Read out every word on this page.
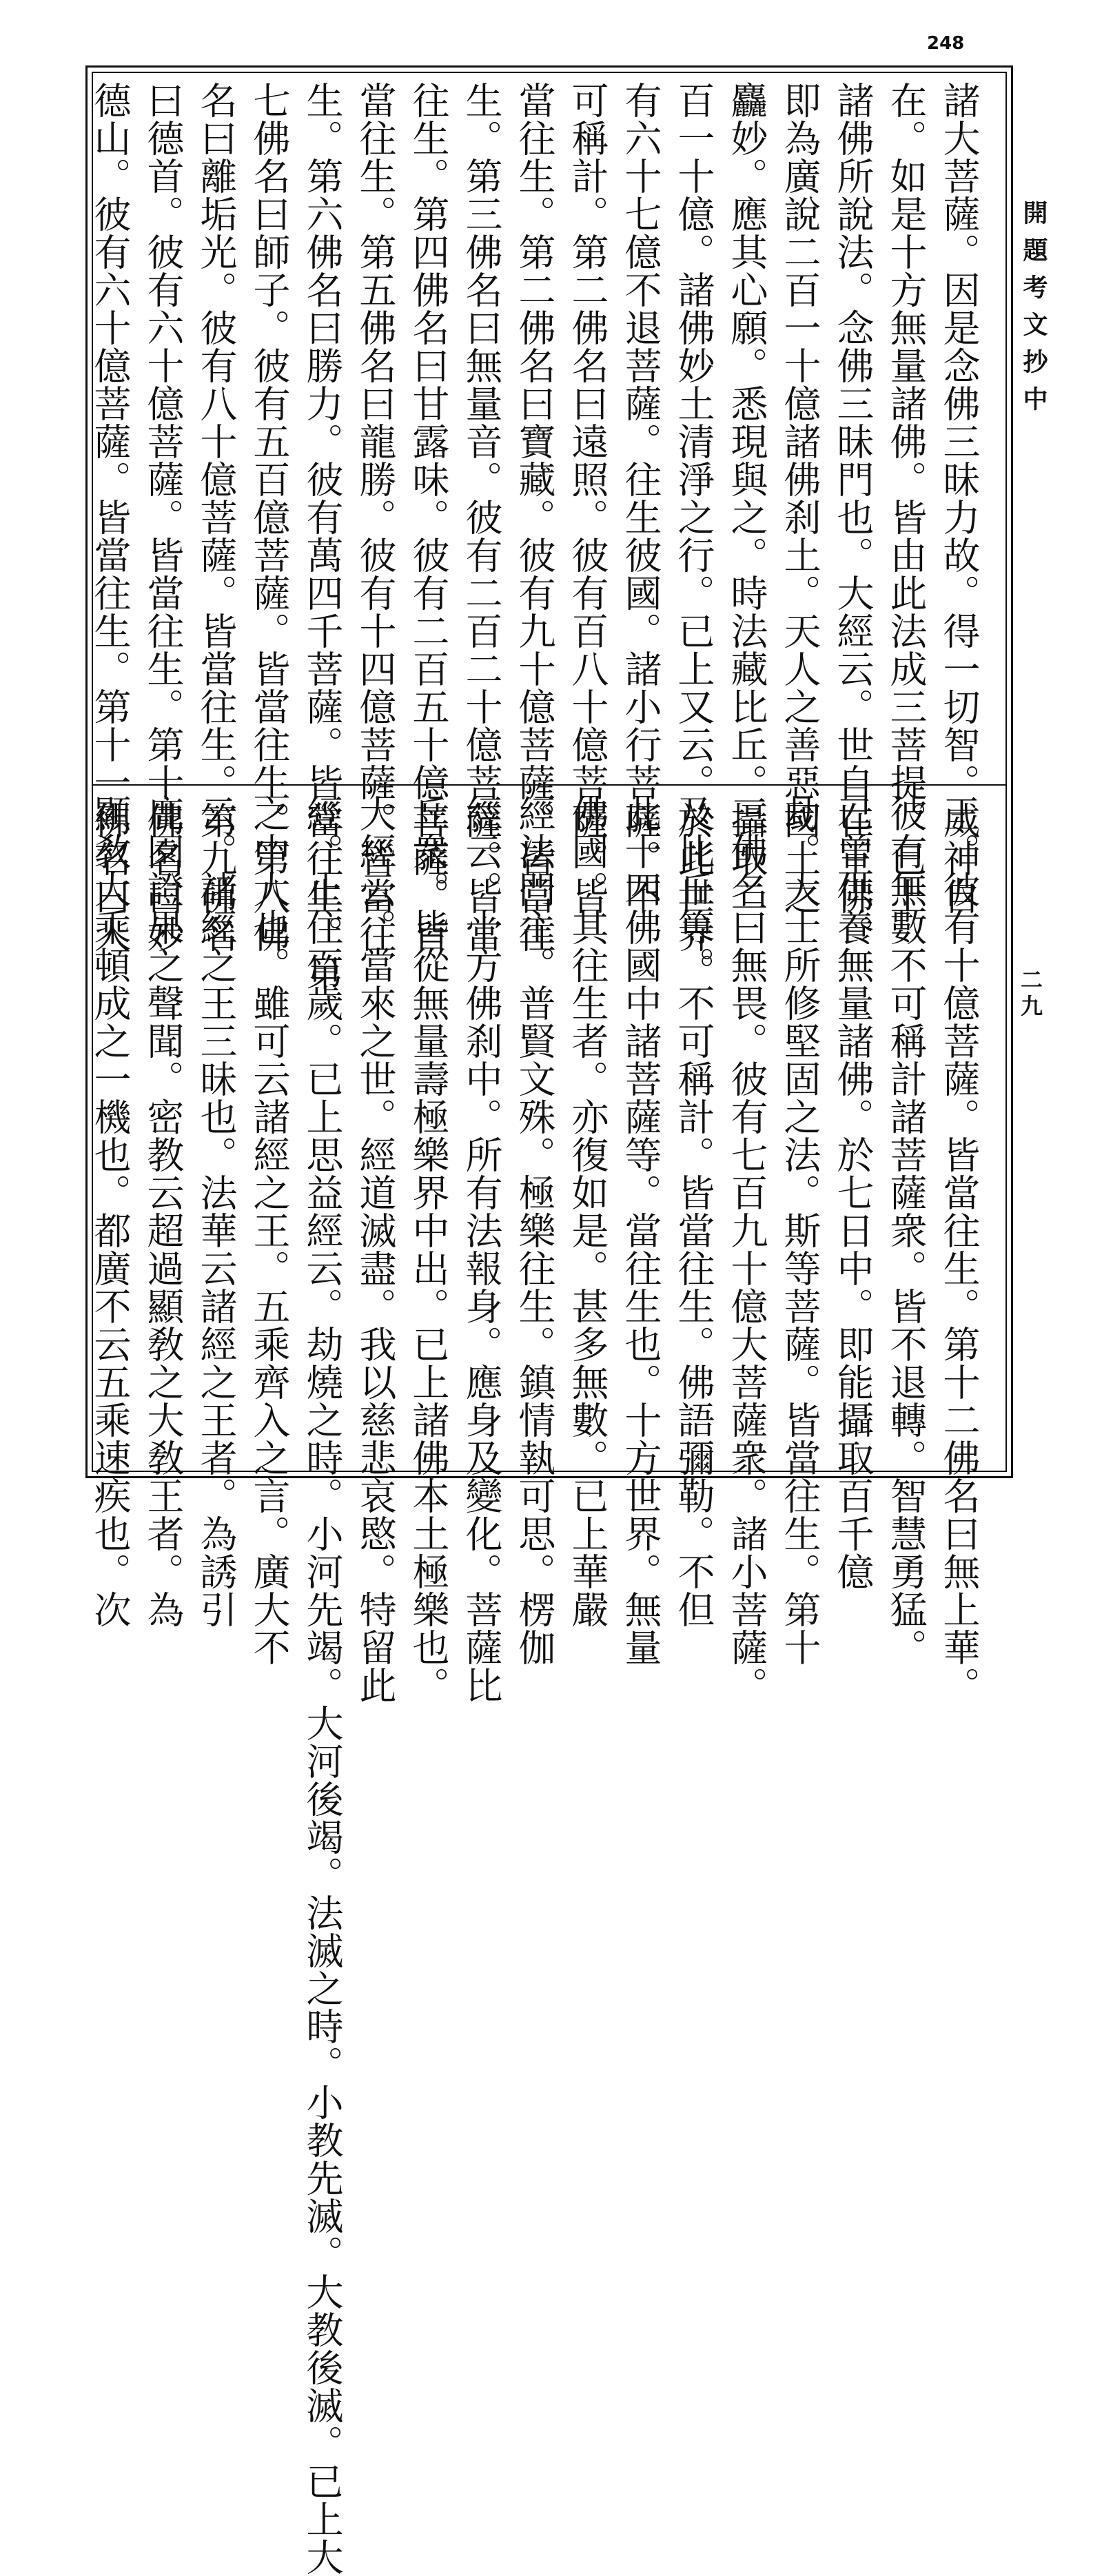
248
諸大菩薩。因是念佛三昧力故。得一切智。威神自
在。如是十方無量諸佛。皆由此法成三菩提。已上
諸佛所說法。念佛三昧門也。大經云。世自在王佛。
即為廣說二百一十億諸佛刹土。天人之善惡國土之
麤妙。應其心願。悉現與之。時法藏比丘。攝取二
百一十億。諸佛妙土清淨之行。已上又云。於此世界。
有六十七億不退菩薩。往生彼國。諸小行菩薩。不
可稱計。第二佛名曰遠照。彼有百八十億菩薩。皆
當往生。第二佛名曰寶藏。彼有九十億菩薩。皆當往
生。第三佛名曰無量音。彼有二百二十億菩薩。皆當
往生。第四佛名曰甘露味。彼有二百五十億菩薩。皆
當往生。第五佛名曰龍勝。彼有十四億菩薩。皆當往
生。第六佛名曰勝力。彼有萬四千菩薩。皆當往生。第
七佛名曰師子。彼有五百億菩薩。皆當往生。第八佛
名曰離垢光。彼有八十億菩薩。皆當往生。第九佛名
曰德首。彼有六十億菩薩。皆當往生。第十佛名曰妙
德山。彼有六十億菩薩。皆當往生。第十一佛名曰人
王。彼有十億菩薩。皆當往生。第十二佛名曰無上華。
彼有無數不可稱計諸菩薩衆。皆不退轉。智慧勇猛。
已曾供養無量諸佛。於七日中。即能攝取百千億
劫。大士所修堅固之法。斯等菩薩。皆當往生。第十
三佛名曰無畏。彼有七百九十億大菩薩衆。諸小菩薩。
及比丘等。不可稱計。皆當往生。佛語彌勒。不但
此十四佛國中諸菩薩等。當往生也。十方世界。無量
佛國。其往生者。亦復如是。甚多無數。已上華嚴
經法門主。普賢文殊。極樂往生。鎮情執可思。楞伽
經云。十方佛刹中。所有法報身。應身及變化。菩薩比
丘衆。皆從無量壽極樂界中出。已上諸佛本土極樂也。
大經云。當來之世。經道滅盡。我以慈悲哀愍。特留此
經。止住百歲。已上思益經云。劫燒之時。小河先竭。大河後竭。法滅之時。小教先滅。大教後滅。已上大
之中大也。雖可云諸經之王。五乘齊入之言。廣大不
云。諸經之王三昧也。法華云諸經之王者。為誘引
鹿園證果之聲聞。密教云超過顯敎之大敎王者。為
顯敎大乘頓成之一機也。都廣不云五乘速疾也。次
開題考文抄中
二九
